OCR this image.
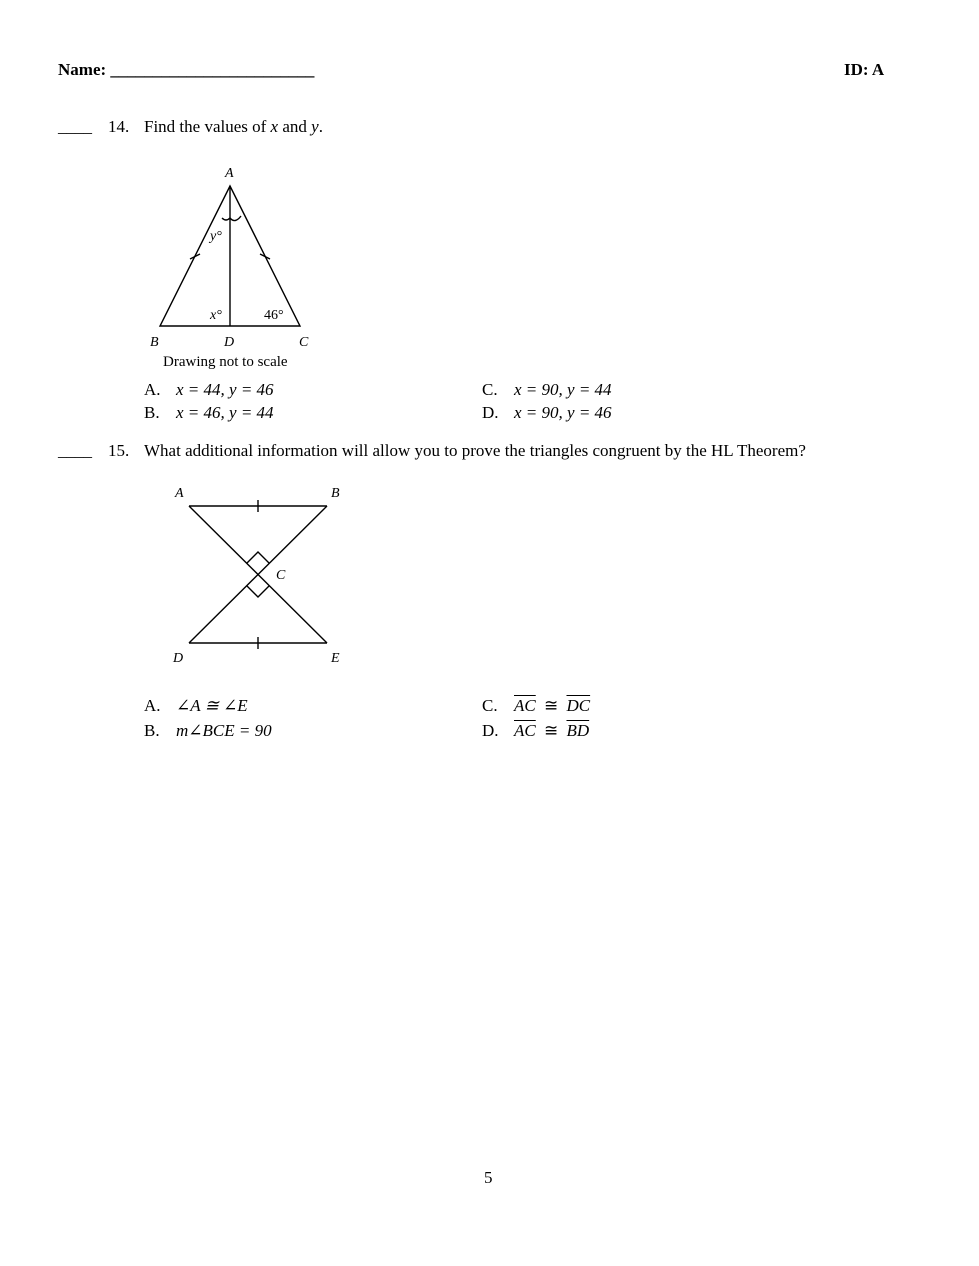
Name: ________________________	ID: A
____ 14. Find the values of x and y.
A
y°
x°	46°
B	D	C
Drawing not to scale
A. x = 44, y = 46
B. x = 46, y = 44
C. x = 90, y = 44
D. x = 90, y = 46
____ 15. What additional information will allow you to prove the triangles congruent by the HL Theorem?
A	B
C
D	E
A. ∠A ≅ ∠E
B. m∠BCE = 90
C. $\overline{AC}$ ≅ $\overline{DC}$
D. $\overline{AC}$ ≅ $\overline{BD}$
5
